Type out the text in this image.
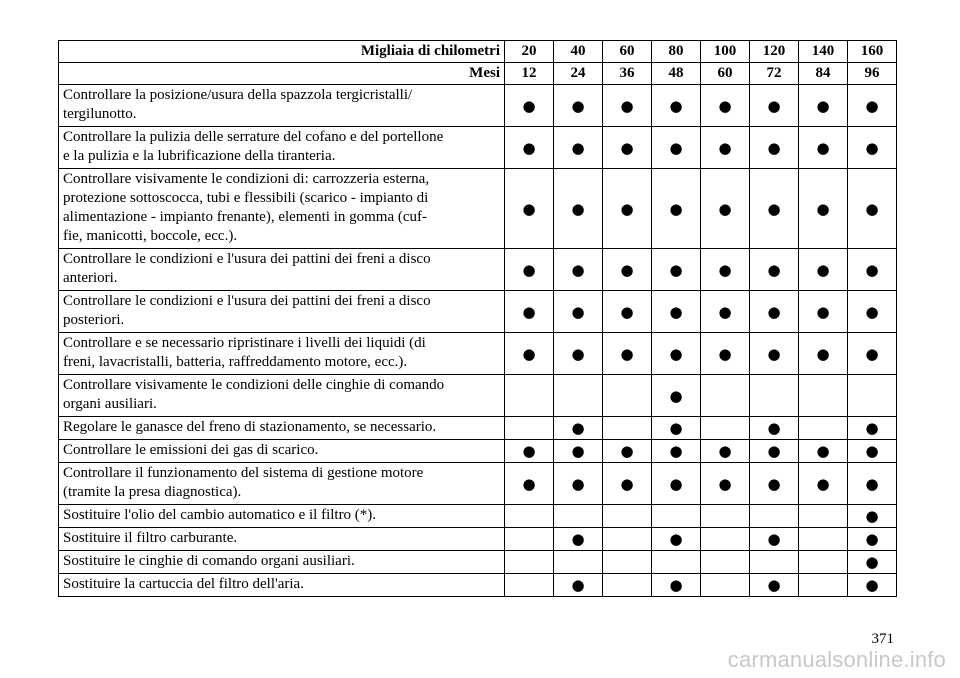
Migliaia di chilometri	20	40	60	80	100	120	140	160
Mesi	12	24	36	48	60	72	84	96
Controllare la posizione/usura della spazzola tergicristalli/
tergilunotto.	●	●	●	●	●	●	●	●
Controllare la pulizia delle serrature del cofano e del portellone
e la pulizia e la lubrificazione della tiranteria.	●	●	●	●	●	●	●	●
Controllare visivamente le condizioni di: carrozzeria esterna,
protezione sottoscocca, tubi e flessibili (scarico - impianto di
alimentazione - impianto frenante), elementi in gomma (cuf-
fie, manicotti, boccole, ecc.).	●	●	●	●	●	●	●	●
Controllare le condizioni e l'usura dei pattini dei freni a disco
anteriori.	●	●	●	●	●	●	●	●
Controllare le condizioni e l'usura dei pattini dei freni a disco
posteriori.	●	●	●	●	●	●	●	●
Controllare e se necessario ripristinare i livelli dei liquidi (di
freni, lavacristalli, batteria, raffreddamento motore, ecc.).	●	●	●	●	●	●	●	●
Controllare visivamente le condizioni delle cinghie di comando
organi ausiliari.				●				
Regolare le ganasce del freno di stazionamento, se necessario.		●		●		●		●
Controllare le emissioni dei gas di scarico.	●	●	●	●	●	●	●	●
Controllare il funzionamento del sistema di gestione motore
(tramite la presa diagnostica).	●	●	●	●	●	●	●	●
Sostituire l'olio del cambio automatico e il filtro (*).								●
Sostituire il filtro carburante.		●		●		●		●
Sostituire le cinghie di comando organi ausiliari.								●
Sostituire la cartuccia del filtro dell'aria.		●		●		●		●
371
carmanualsonline.info
